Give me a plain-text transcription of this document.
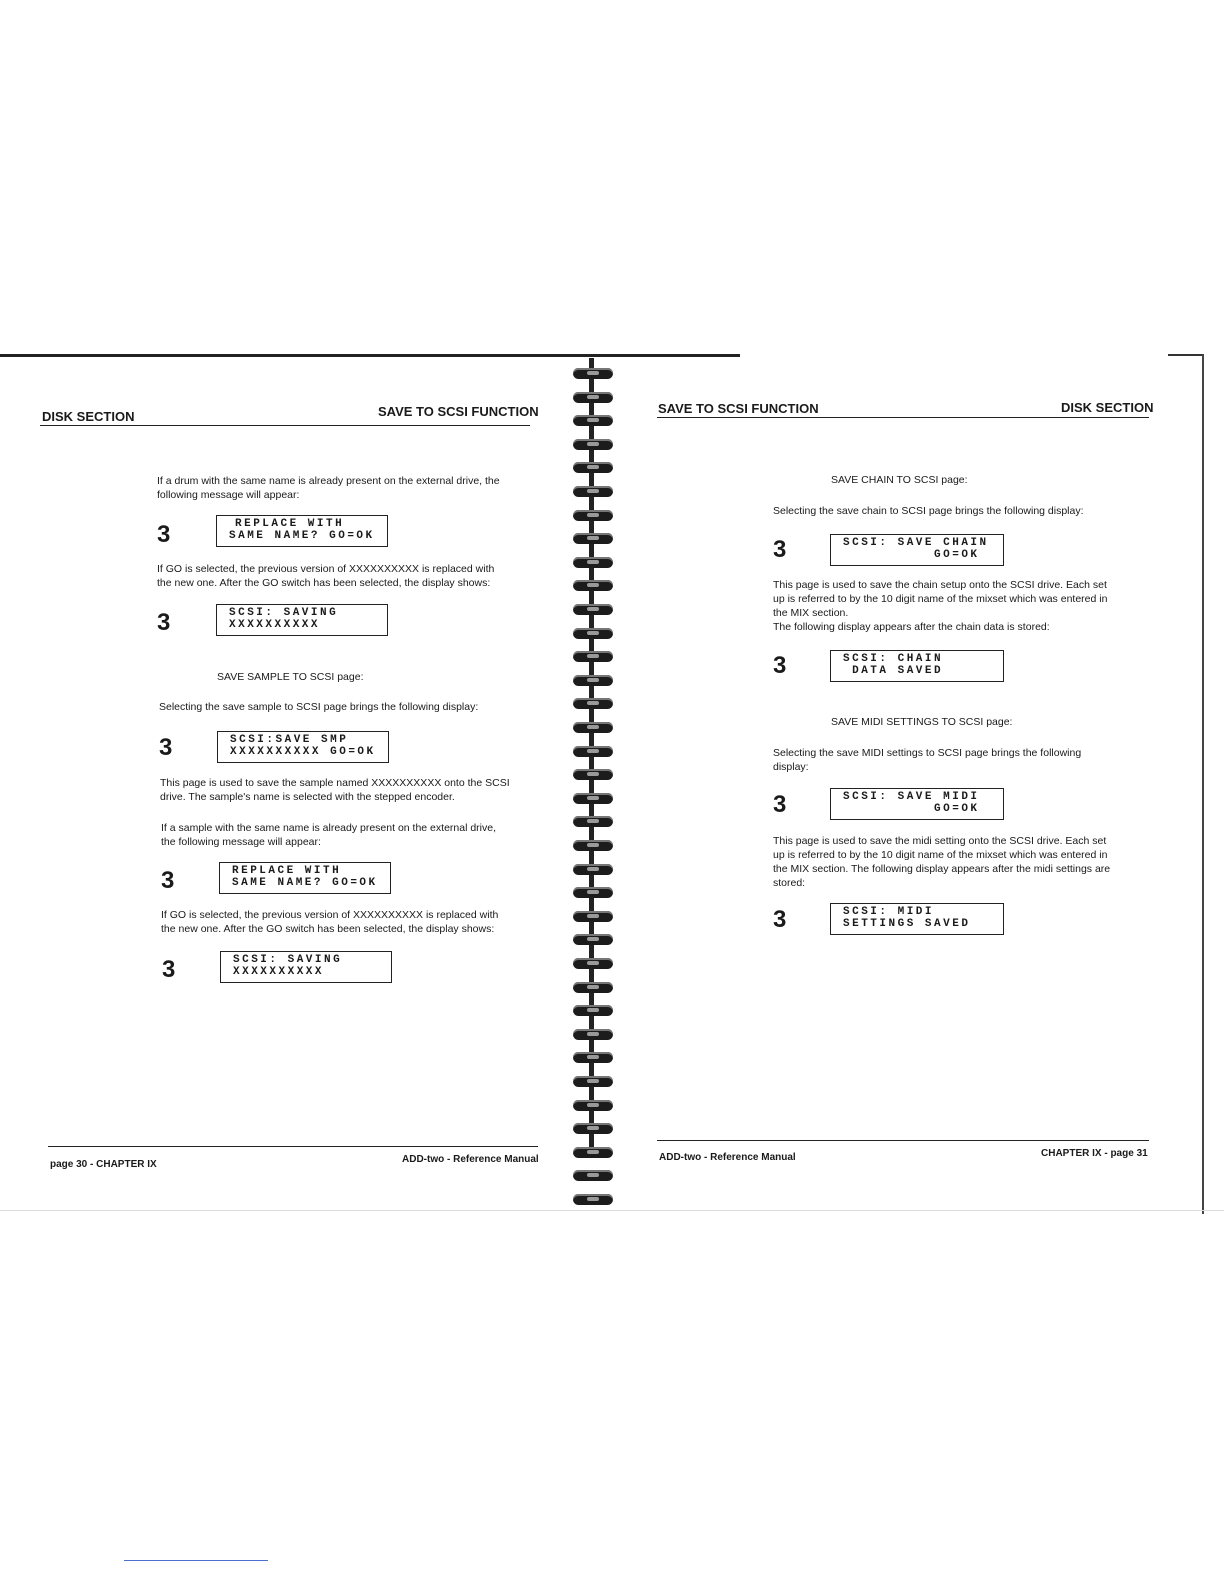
DISK SECTION	SAVE TO SCSI FUNCTION
If a drum with the same name is already present on the external drive, the
following message will appear:
3	REPLACE WITH
SAME NAME? GO=OK
If GO is selected, the previous version of XXXXXXXXXX is replaced with
the new one. After the GO switch has been selected, the display shows:
3	SCSI: SAVING
XXXXXXXXXX
SAVE SAMPLE TO SCSI page:
Selecting the save sample to SCSI page brings the following display:
3	SCSI:SAVE SMP
XXXXXXXXXX GO=OK
This page is used to save the sample named XXXXXXXXXX onto the SCSI
drive. The sample's name is selected with the stepped encoder.
If a sample with the same name is already present on the external drive,
the following message will appear:
3	REPLACE WITH
SAME NAME? GO=OK
If GO is selected, the previous version of XXXXXXXXXX is replaced with
the new one. After the GO switch has been selected, the display shows:
3	SCSI: SAVING
XXXXXXXXXX
page 30 - CHAPTER IX	ADD-two - Reference Manual
SAVE TO SCSI FUNCTION	DISK SECTION
SAVE CHAIN TO SCSI page:
Selecting the save chain to SCSI page brings the following display:
3	SCSI: SAVE CHAIN
GO=OK
This page is used to save the chain setup onto the SCSI drive. Each set
up is referred to by the 10 digit name of the mixset which was entered in
the MIX section.
The following display appears after the chain data is stored:
3	SCSI: CHAIN
DATA SAVED
SAVE MIDI SETTINGS TO SCSI page:
Selecting the save MIDI settings to SCSI page brings the following
display:
3	SCSI: SAVE MIDI
GO=OK
This page is used to save the midi setting onto the SCSI drive. Each set
up is referred to by the 10 digit name of the mixset which was entered in
the MIX section. The following display appears after the midi settings are
stored:
3	SCSI: MIDI
SETTINGS SAVED
ADD-two - Reference Manual	CHAPTER IX - page 31
